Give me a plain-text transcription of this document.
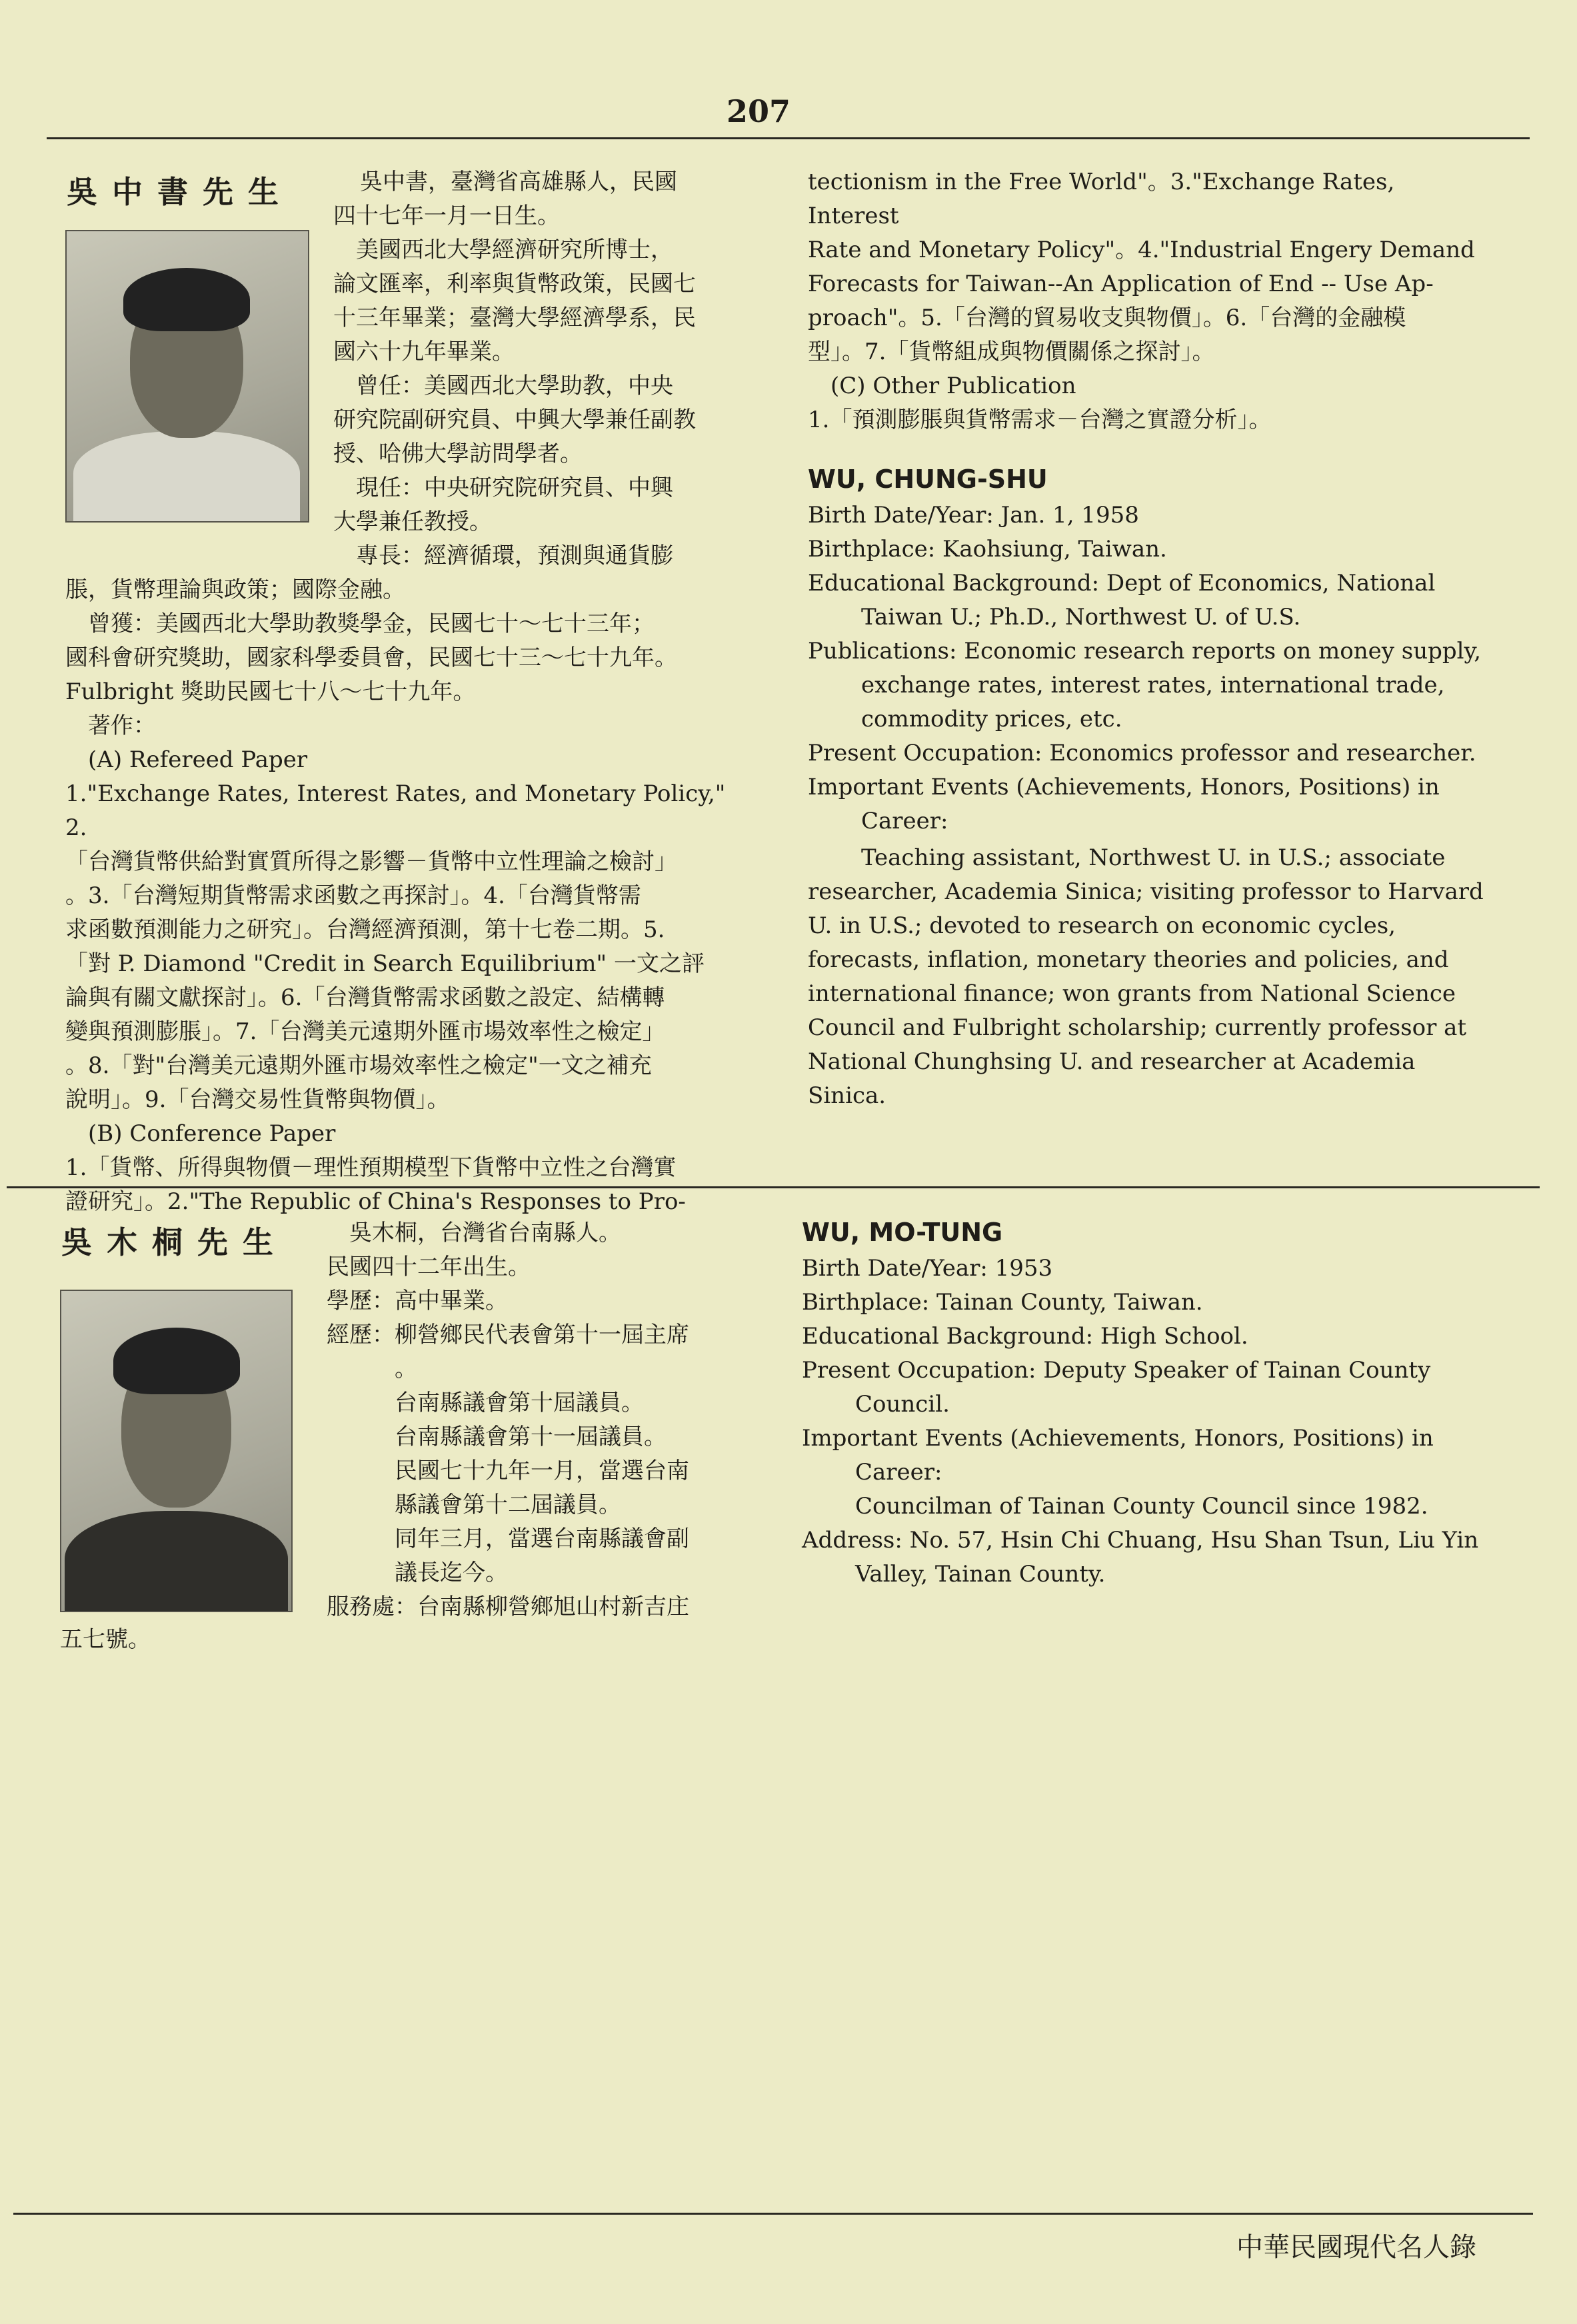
207
吳中書先生	吳中書，臺灣省高雄縣人，民國

四十七年一月一日生。

　美國西北大學經濟研究所博士，

論文匯率，利率與貨幣政策，民國七

十三年畢業；臺灣大學經濟學系，民

國六十九年畢業。

　曾任：美國西北大學助教，中央

研究院副研究員、中興大學兼任副教

授、哈佛大學訪問學者。

　現任：中央研究院研究員、中興

大學兼任教授。

　專長：經濟循環，預測與通貨膨

脹，貨幣理論與政策；國際金融。

　曾獲：美國西北大學助教獎學金，民國七十～七十三年；

國科會研究獎助，國家科學委員會，民國七十三～七十九年。

Fulbright 獎助民國七十八～七十九年。

　著作：

　(A) Refereed Paper

1."Exchange Rates, Interest Rates, and Monetary Policy," 2.

「台灣貨幣供給對實質所得之影響－貨幣中立性理論之檢討」

。3.「台灣短期貨幣需求函數之再探討」。4.「台灣貨幣需

求函數預測能力之研究」。台灣經濟預測，第十七卷二期。5.

「對 P. Diamond "Credit in Search Equilibrium" 一文之評

論與有關文獻探討」。6.「台灣貨幣需求函數之設定、結構轉

變與預測膨脹」。7.「台灣美元遠期外匯市場效率性之檢定」

。8.「對"台灣美元遠期外匯市場效率性之檢定"一文之補充

說明」。9.「台灣交易性貨幣與物價」。

　(B) Conference Paper

1.「貨幣、所得與物價－理性預期模型下貨幣中立性之台灣實

證研究」。2."The Republic of China's Responses to Pro-

tectionism in the Free World"。3."Exchange Rates, Interest

Rate and Monetary Policy"。4."Industrial Engery Demand

Forecasts for Taiwan--An Application of End -- Use Ap-

proach"。5.「台灣的貿易收支與物價」。6.「台灣的金融模

型」。7.「貨幣組成與物價關係之探討」。

　(C) Other Publication

1.「預測膨脹與貨幣需求－台灣之實證分析」。

WU, CHUNG-SHU

Birth Date/Year: Jan. 1, 1958

Birthplace: Kaohsiung, Taiwan.

Educational Background: Dept of Economics, National Taiwan U.; Ph.D., Northwest U. of U.S.

Publications: Economic research reports on money supply, exchange rates, interest rates, international trade, commodity prices, etc.

Present Occupation: Economics professor and researcher.

Important Events (Achievements, Honors, Positions) in Career:

Teaching assistant, Northwest U. in U.S.; associate researcher, Academia Sinica; visiting professor to Harvard U. in U.S.; devoted to research on economic cycles, forecasts, inflation, monetary theories and policies, and international finance; won grants from National Science Council and Fulbright scholarship; currently professor at National Chunghsing U. and researcher at Academia Sinica.

吳木桐先生 　吳木桐，台灣省台南縣人。

民國四十二年出生。

學歷：高中畢業。

經歷：柳營鄉民代表會第十一屆主席

　　　。

　　　台南縣議會第十屆議員。

　　　台南縣議會第十一屆議員。

　　　民國七十九年一月，當選台南

　　　縣議會第十二屆議員。

　　　同年三月，當選台南縣議會副

　　　議長迄今。

服務處：台南縣柳營鄉旭山村新吉庄

五七號。

WU, MO-TUNG

Birth Date/Year: 1953

Birthplace: Tainan County, Taiwan.

Educational Background: High School.

Present Occupation: Deputy Speaker of Tainan County Council.

Important Events (Achievements, Honors, Positions) in Career:

Councilman of Tainan County Council since 1982.

Address: No. 57, Hsin Chi Chuang, Hsu Shan Tsun, Liu Yin Valley, Tainan County.

中華民國現代名人錄
